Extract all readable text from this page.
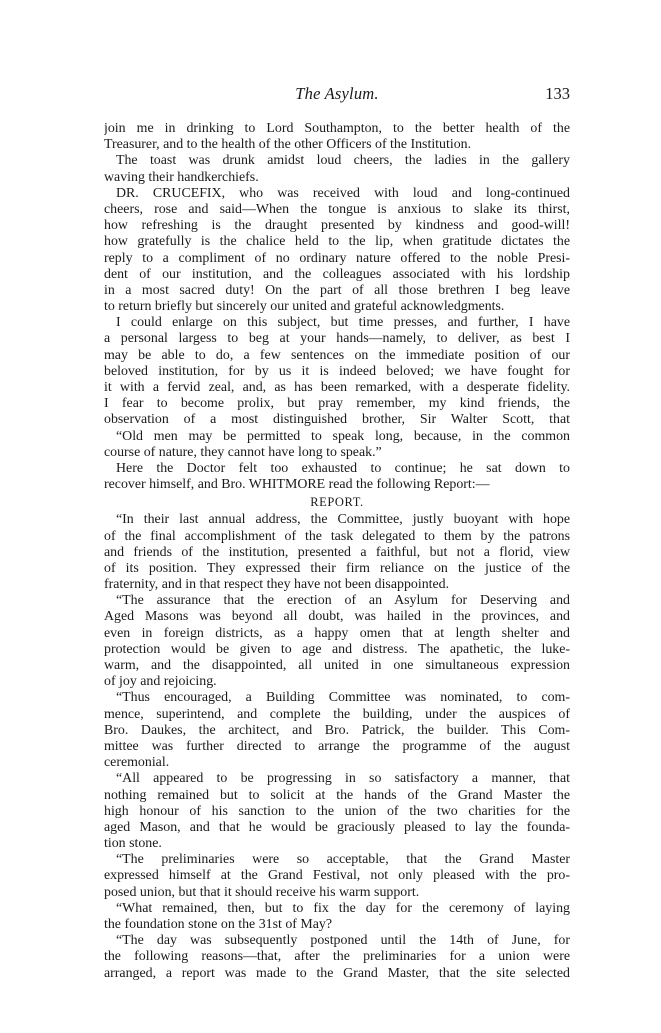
The Asylum.	133
join me in drinking to Lord Southampton, to the better health of the
Treasurer, and to the health of the other Officers of the Institution.
The toast was drunk amidst loud cheers, the ladies in the gallery
waving their handkerchiefs.
DR. CRUCEFIX, who was received with loud and long-continued
cheers, rose and said—When the tongue is anxious to slake its thirst,
how refreshing is the draught presented by kindness and good-will!
how gratefully is the chalice held to the lip, when gratitude dictates the
reply to a compliment of no ordinary nature offered to the noble Presi-
dent of our institution, and the colleagues associated with his lordship
in a most sacred duty! On the part of all those brethren I beg leave
to return briefly but sincerely our united and grateful acknowledgments.
I could enlarge on this subject, but time presses, and further, I have
a personal largess to beg at your hands—namely, to deliver, as best I
may be able to do, a few sentences on the immediate position of our
beloved institution, for by us it is indeed beloved; we have fought for
it with a fervid zeal, and, as has been remarked, with a desperate fidelity.
I fear to become prolix, but pray remember, my kind friends, the
observation of a most distinguished brother, Sir Walter Scott, that
“Old men may be permitted to speak long, because, in the common
course of nature, they cannot have long to speak.”
Here the Doctor felt too exhausted to continue; he sat down to
recover himself, and Bro. WHITMORE read the following Report:—
REPORT.
“In their last annual address, the Committee, justly buoyant with hope
of the final accomplishment of the task delegated to them by the patrons
and friends of the institution, presented a faithful, but not a florid, view
of its position. They expressed their firm reliance on the justice of the
fraternity, and in that respect they have not been disappointed.
“The assurance that the erection of an Asylum for Deserving and
Aged Masons was beyond all doubt, was hailed in the provinces, and
even in foreign districts, as a happy omen that at length shelter and
protection would be given to age and distress. The apathetic, the luke-
warm, and the disappointed, all united in one simultaneous expression
of joy and rejoicing.
“Thus encouraged, a Building Committee was nominated, to com-
mence, superintend, and complete the building, under the auspices of
Bro. Daukes, the architect, and Bro. Patrick, the builder. This Com-
mittee was further directed to arrange the programme of the august
ceremonial.
“All appeared to be progressing in so satisfactory a manner, that
nothing remained but to solicit at the hands of the Grand Master the
high honour of his sanction to the union of the two charities for the
aged Mason, and that he would be graciously pleased to lay the founda-
tion stone.
“The preliminaries were so acceptable, that the Grand Master
expressed himself at the Grand Festival, not only pleased with the pro-
posed union, but that it should receive his warm support.
“What remained, then, but to fix the day for the ceremony of laying
the foundation stone on the 31st of May?
“The day was subsequently postponed until the 14th of June, for
the following reasons—that, after the preliminaries for a union were
arranged, a report was made to the Grand Master, that the site selected
